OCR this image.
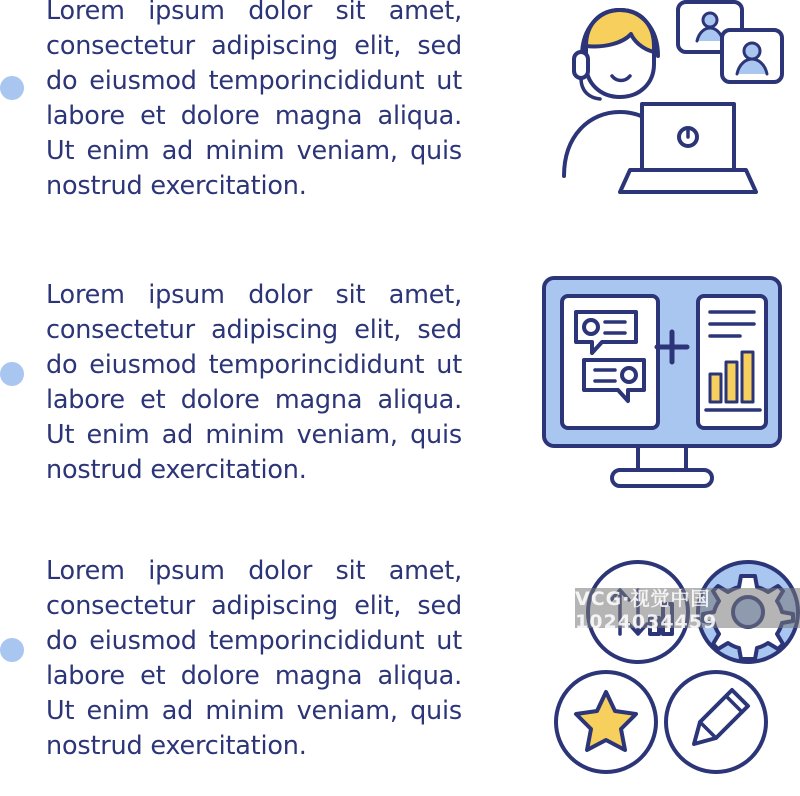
Lorem ipsum dolor sit amet, consectetur adipiscing elit, sed do eiusmod temporincididunt ut labore et dolore magna aliqua. Ut enim ad minim veniam, quis nostrud exercitation.
Lorem ipsum dolor sit amet, consectetur adipiscing elit, sed do eiusmod temporincididunt ut labore et dolore magna aliqua. Ut enim ad minim veniam, quis nostrud exercitation.
Lorem ipsum dolor sit amet, consectetur adipiscing elit, sed do eiusmod temporincididunt ut labore et dolore magna aliqua. Ut enim ad minim veniam, quis nostrud exercitation.
VCG·视觉中国 1024034459
